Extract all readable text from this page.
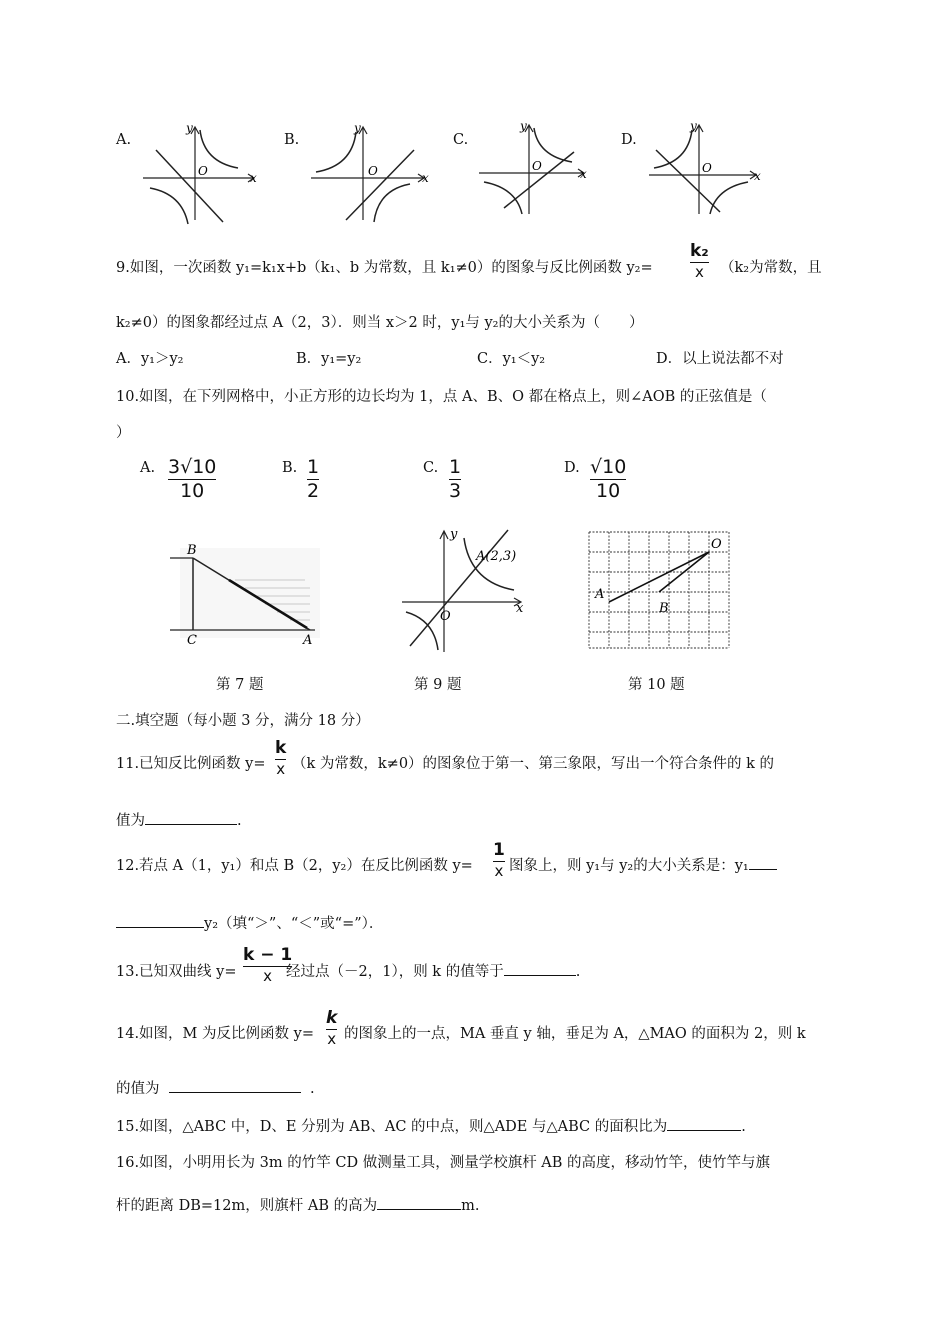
A.
y
x
O
B.
y
x
O
C.
y
x
O
D.
y
x
O
9.如图，一次函数 y₁=k₁x+b（k₁、b 为常数，且 k₁≠0）的图象与反比例函数 y₂=
k₂
x （k₂为常数，且
k₂≠0）的图象都经过点 A（2，3）．则当 x＞2 时，y₁与 y₂的大小关系为（　　）
A．y₁＞y₂	B．y₁=y₂	C．y₁＜y₂	D．以上说法都不对
10.如图，在下列网格中，小正方形的边长均为 1，点 A、B、O 都在格点上，则∠AOB 的正弦值是（
）
A. 3√10
10
B. 1
2
C. 1
3
D. √10
10
B
C	A
第 7 题
y
x
O
A(2,3)
第 9 题
A
B
O
第 10 题
二.填空题（每小题 3 分，满分 18 分）
11.已知反比例函数 y=
k
x （k 为常数，k≠0）的图象位于第一、第三象限，写出一个符合条件的 k 的
值为	.
12.若点 A（1，y₁）和点 B（2，y₂）在反比例函数 y=
1
x 图象上，则 y₁与 y₂的大小关系是：y₁
y₂（填“＞”、“＜”或“=”）．
13.已知双曲线 y=
k − 1
x 经过点（－2，1），则 k 的值等于	.
14.如图，M 为反比例函数 y=
k
x 的图象上的一点，MA 垂直 y 轴，垂足为 A，△MAO 的面积为 2，则 k
的值为	.
15.如图，△ABC 中，D、E 分别为 AB、AC 的中点，则△ADE 与△ABC 的面积比为	.
16.如图，小明用长为 3m 的竹竿 CD 做测量工具，测量学校旗杆 AB 的高度，移动竹竿，使竹竿与旗
杆的距离 DB=12m，则旗杆 AB 的高为	m.
